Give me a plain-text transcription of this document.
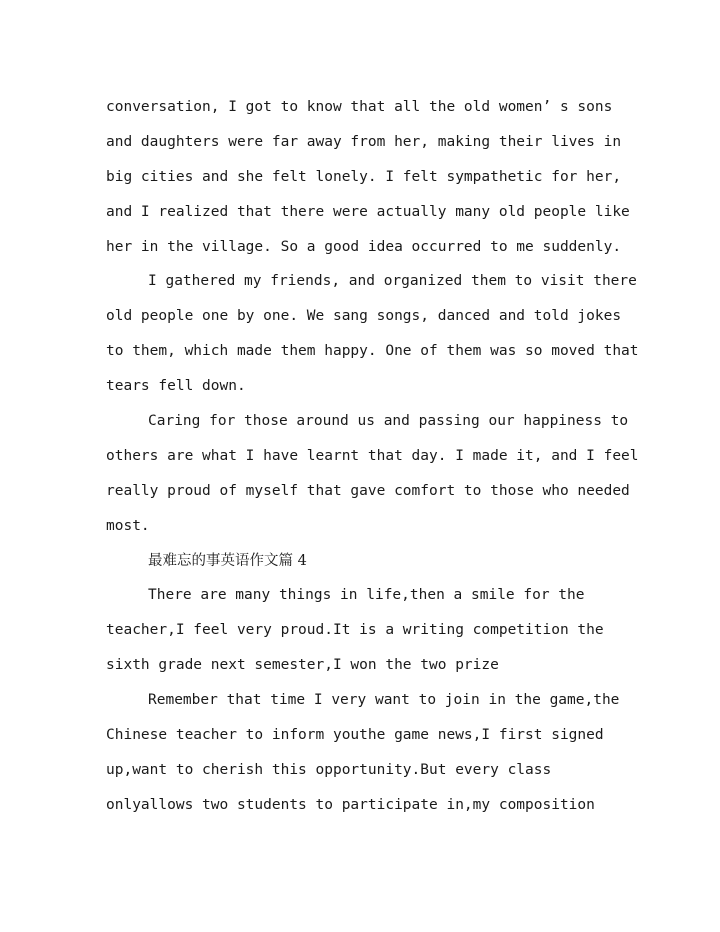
conversation, I got to know that all the old women’ s sons
and daughters were far away from her, making their lives in
big cities and she felt lonely. I felt sympathetic for her,
and I realized that there were actually many old people like
her in the village. So a good idea occurred to me suddenly.
I gathered my friends, and organized them to visit there
old people one by one. We sang songs, danced and told jokes
to them, which made them happy. One of them was so moved that
tears fell down.
Caring for those around us and passing our happiness to
others are what I have learnt that day. I made it, and I feel
really proud of myself that gave comfort to those who needed
most.
最难忘的事英语作文篇 4
There are many things in life,then a smile for the
teacher,I feel very proud.It is a writing competition the
sixth grade next semester,I won the two prize
Remember that time I very want to join in the game,the
Chinese teacher to inform youthe game news,I first signed
up,want to cherish this opportunity.But every class
onlyallows two students to participate in,my composition
